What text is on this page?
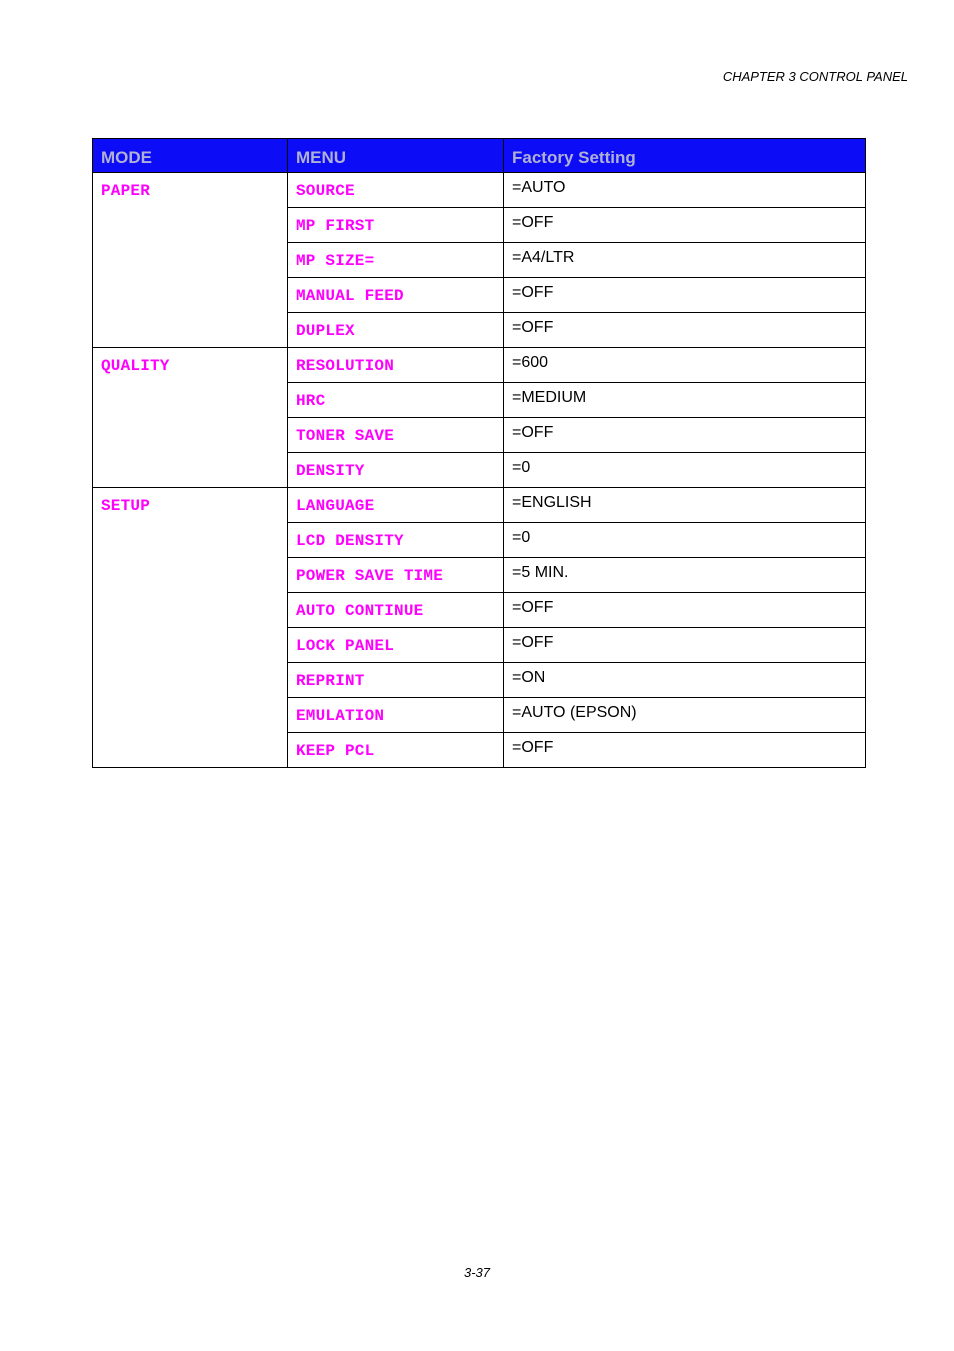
CHAPTER 3 CONTROL PANEL
MODE	MENU	Factory Setting
PAPER	SOURCE	=AUTO
	MP FIRST	=OFF
	MP SIZE=	=A4/LTR
	MANUAL FEED	=OFF
	DUPLEX	=OFF
QUALITY	RESOLUTION	=600
	HRC	=MEDIUM
	TONER SAVE	=OFF
	DENSITY	=0
SETUP	LANGUAGE	=ENGLISH
	LCD DENSITY	=0
	POWER SAVE TIME	=5 MIN.
	AUTO CONTINUE	=OFF
	LOCK PANEL	=OFF
	REPRINT	=ON
	EMULATION	=AUTO (EPSON)
	KEEP PCL	=OFF
3-37
